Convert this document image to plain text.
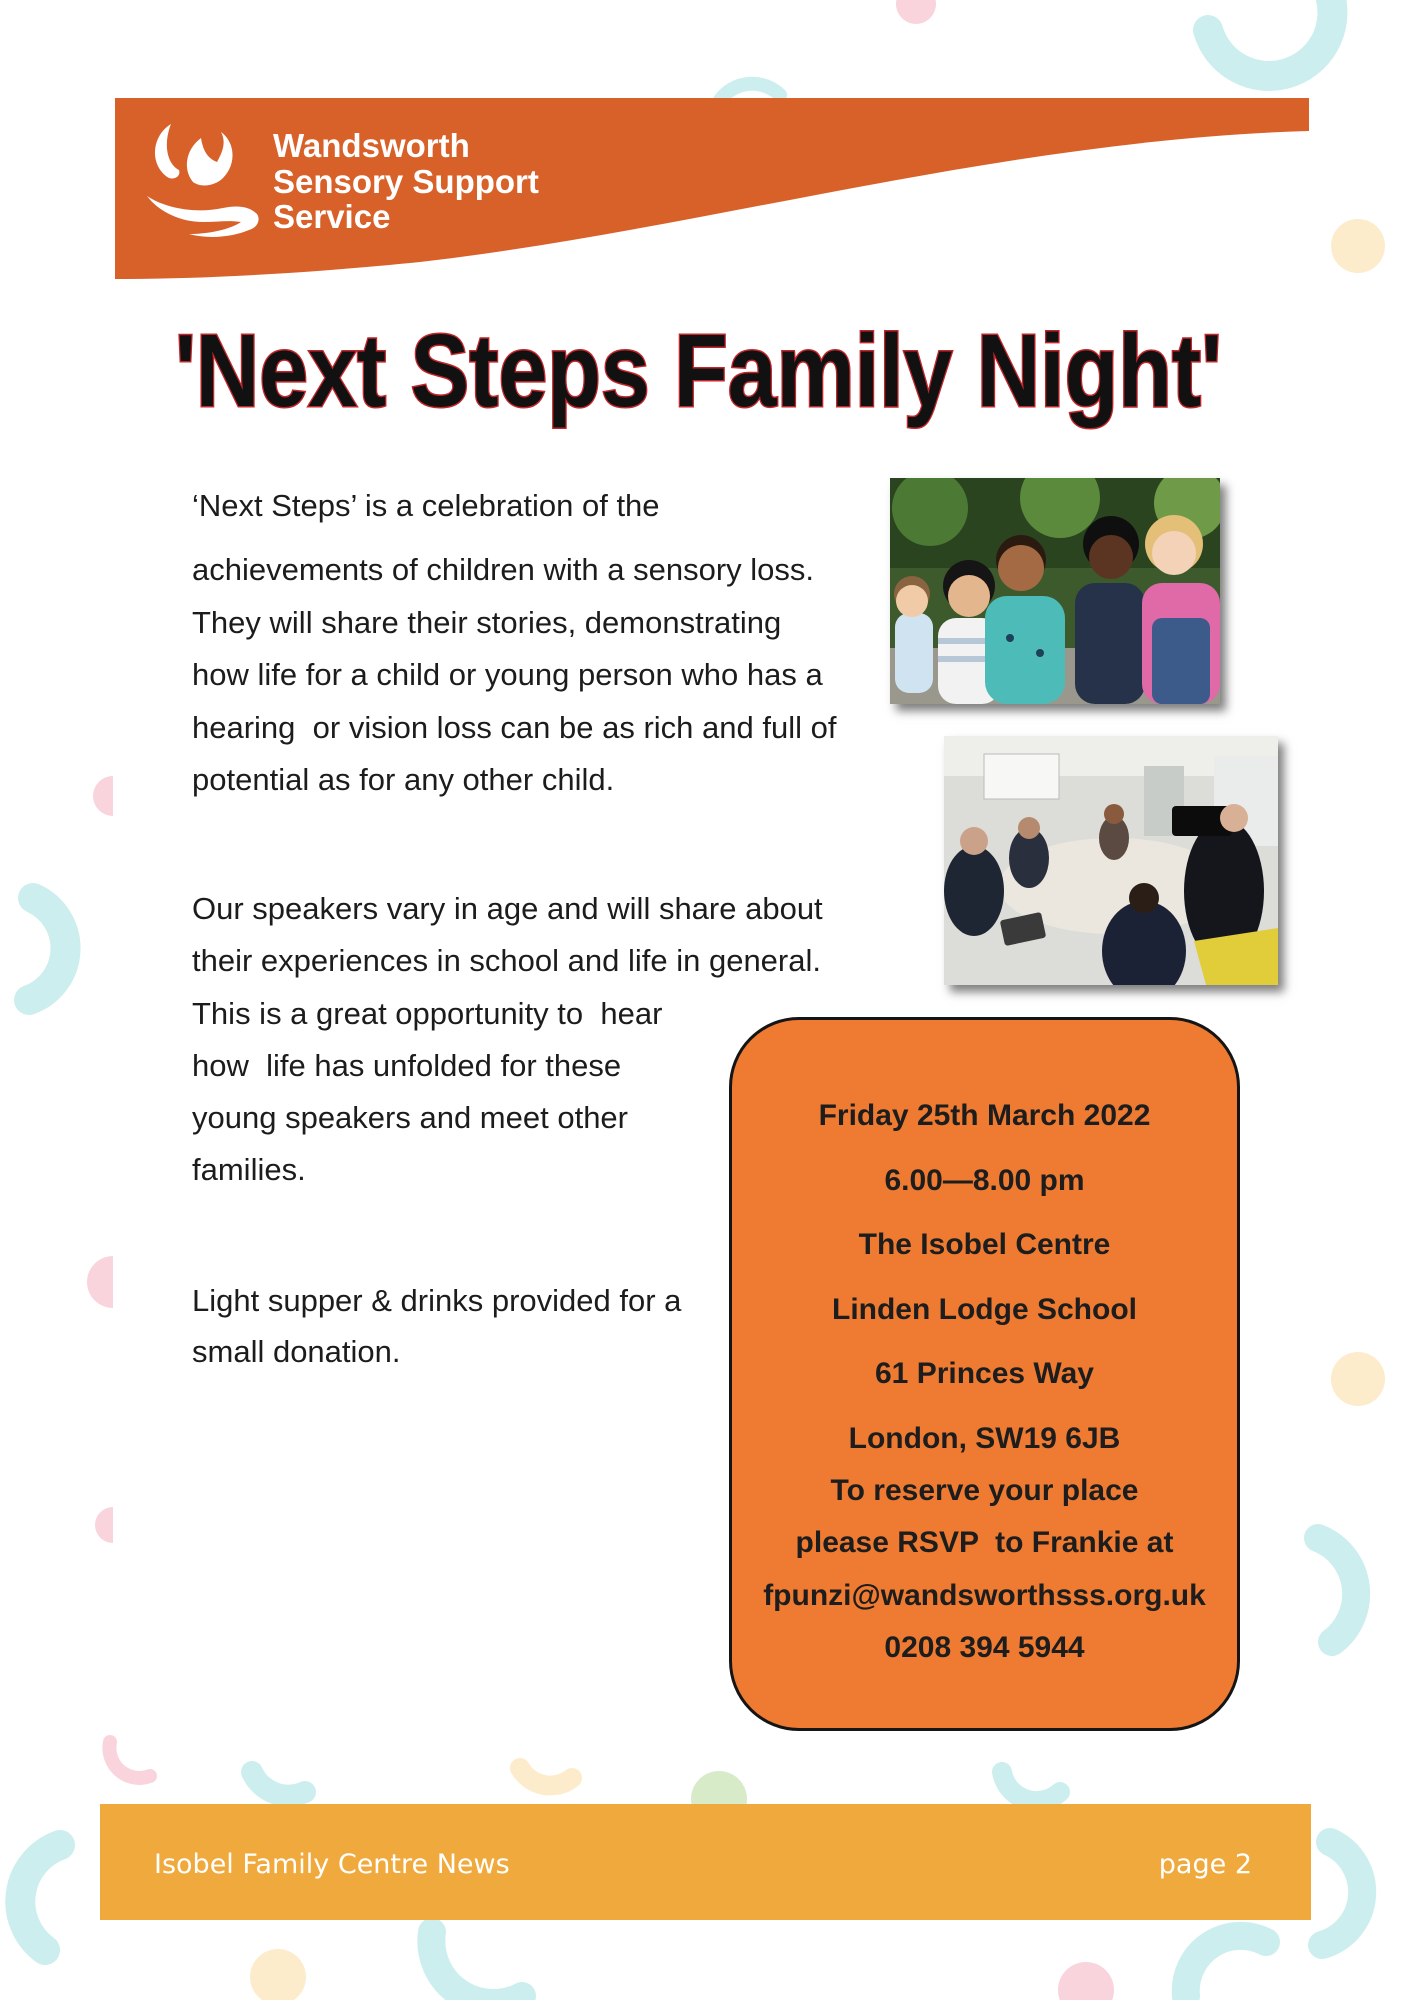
Wandsworth
Sensory Support
Service
'Next Steps Family Night'
‘Next Steps’ is a celebration of the
achievements of children with a sensory loss.
They will share their stories, demonstrating
how life for a child or young person who has a
hearing  or vision loss can be as rich and full of
potential as for any other child.
Our speakers vary in age and will share about
their experiences in school and life in general.
This is a great opportunity to  hear
how  life has unfolded for these
young speakers and meet other
families.
Light supper & drinks provided for a
small donation.
Friday 25th March 2022
6.00—8.00 pm
The Isobel Centre
Linden Lodge School
61 Princes Way
London, SW19 6JB
To reserve your place
please RSVP  to Frankie at
fpunzi@wandsworthsss.org.uk
0208 394 5944
Isobel Family Centre News	page 2
